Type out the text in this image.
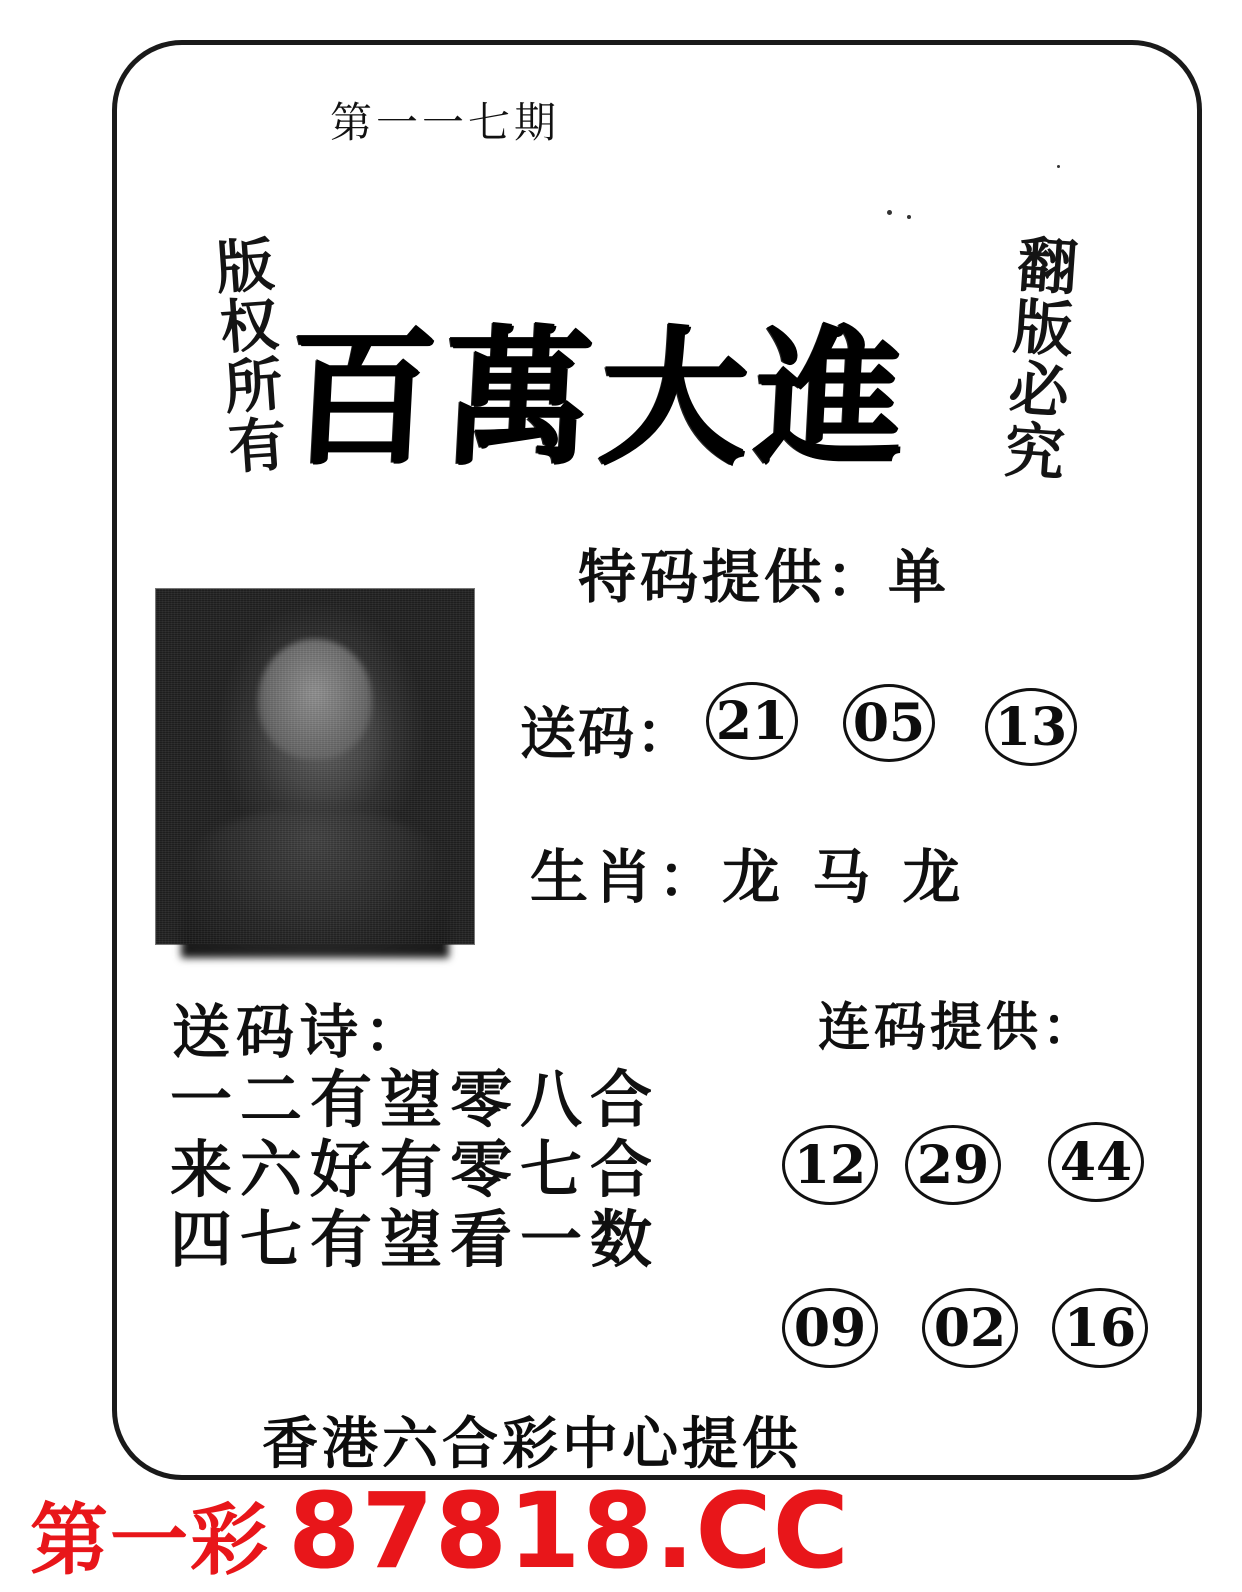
第一一七期
版权所有	翻版必究
百萬大進
特码提供：单
送码： 21 05 13
生肖：龙 马 龙
送码诗：
一二有望零八合
来六好有零七合
四七有望看一数
连码提供：
12 29 44
09 02 16
香港六合彩中心提供
第一彩 87818.CC
